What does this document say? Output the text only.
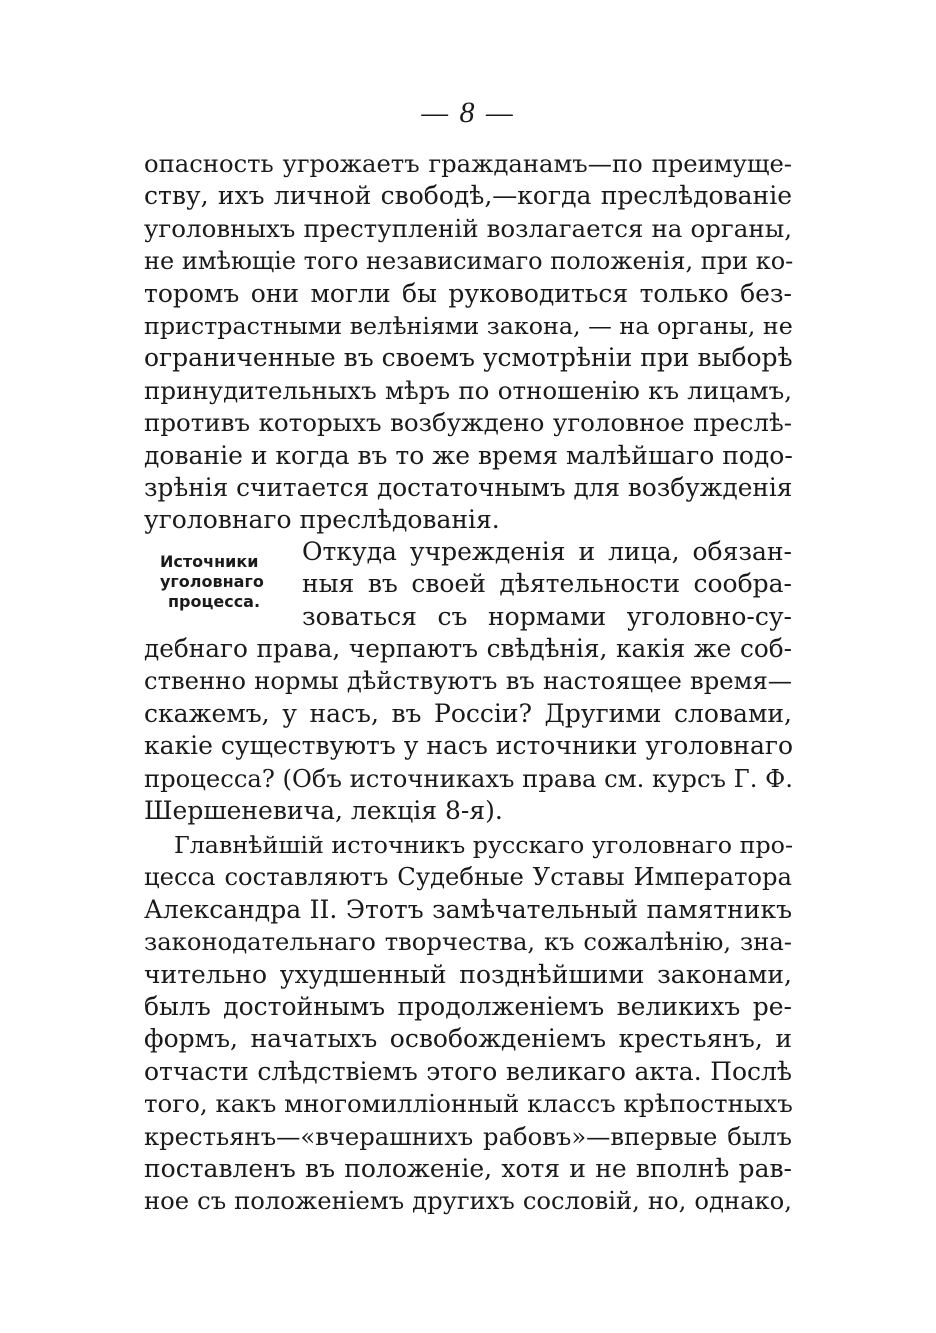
— 8 —
опасность угрожаетъ гражданамъ—по преимуще-
ству, ихъ личной свободѣ,—когда преслѣдованіе
уголовныхъ преступленій возлагается на органы,
не имѣющіе того независимаго положенія, при ко-
торомъ они могли бы руководиться только без-
пристрастными велѣніями закона, — на органы, не
ограниченные въ своемъ усмотрѣніи при выборѣ
принудительныхъ мѣръ по отношенію къ лицамъ,
противъ которыхъ возбуждено уголовное преслѣ-
дованіе и когда въ то же время малѣйшаго подо-
зрѣнія считается достаточнымъ для возбужденія
уголовнаго преслѣдованія.
Источники
уголовнаго
процесса.
Откуда учрежденія и лица, обязан-
ныя въ своей дѣятельности сообра-
зоваться съ нормами уголовно-су-
дебнаго права, черпаютъ свѣдѣнія, какія же соб-
ственно нормы дѣйствуютъ въ настоящее время—
скажемъ, у насъ, въ Россіи? Другими словами,
какіе существуютъ у насъ источники уголовнаго
процесса? (Объ источникахъ права см. курсъ Г. Ф.
Шершеневича, лекція 8-я).
Главнѣйшій источникъ русскаго уголовнаго про-
цесса составляютъ Судебные Уставы Императора
Александра II. Этотъ замѣчательный памятникъ
законодательнаго творчества, къ сожалѣнію, зна-
чительно ухудшенный позднѣйшими законами,
былъ достойнымъ продолженіемъ великихъ ре-
формъ, начатыхъ освобожденіемъ крестьянъ, и
отчасти слѣдствіемъ этого великаго акта. Послѣ
того, какъ многомилліонный классъ крѣпостныхъ
крестьянъ—«вчерашнихъ рабовъ»—впервые былъ
поставленъ въ положеніе, хотя и не вполнѣ рав-
ное съ положеніемъ другихъ сословій, но, однако,
